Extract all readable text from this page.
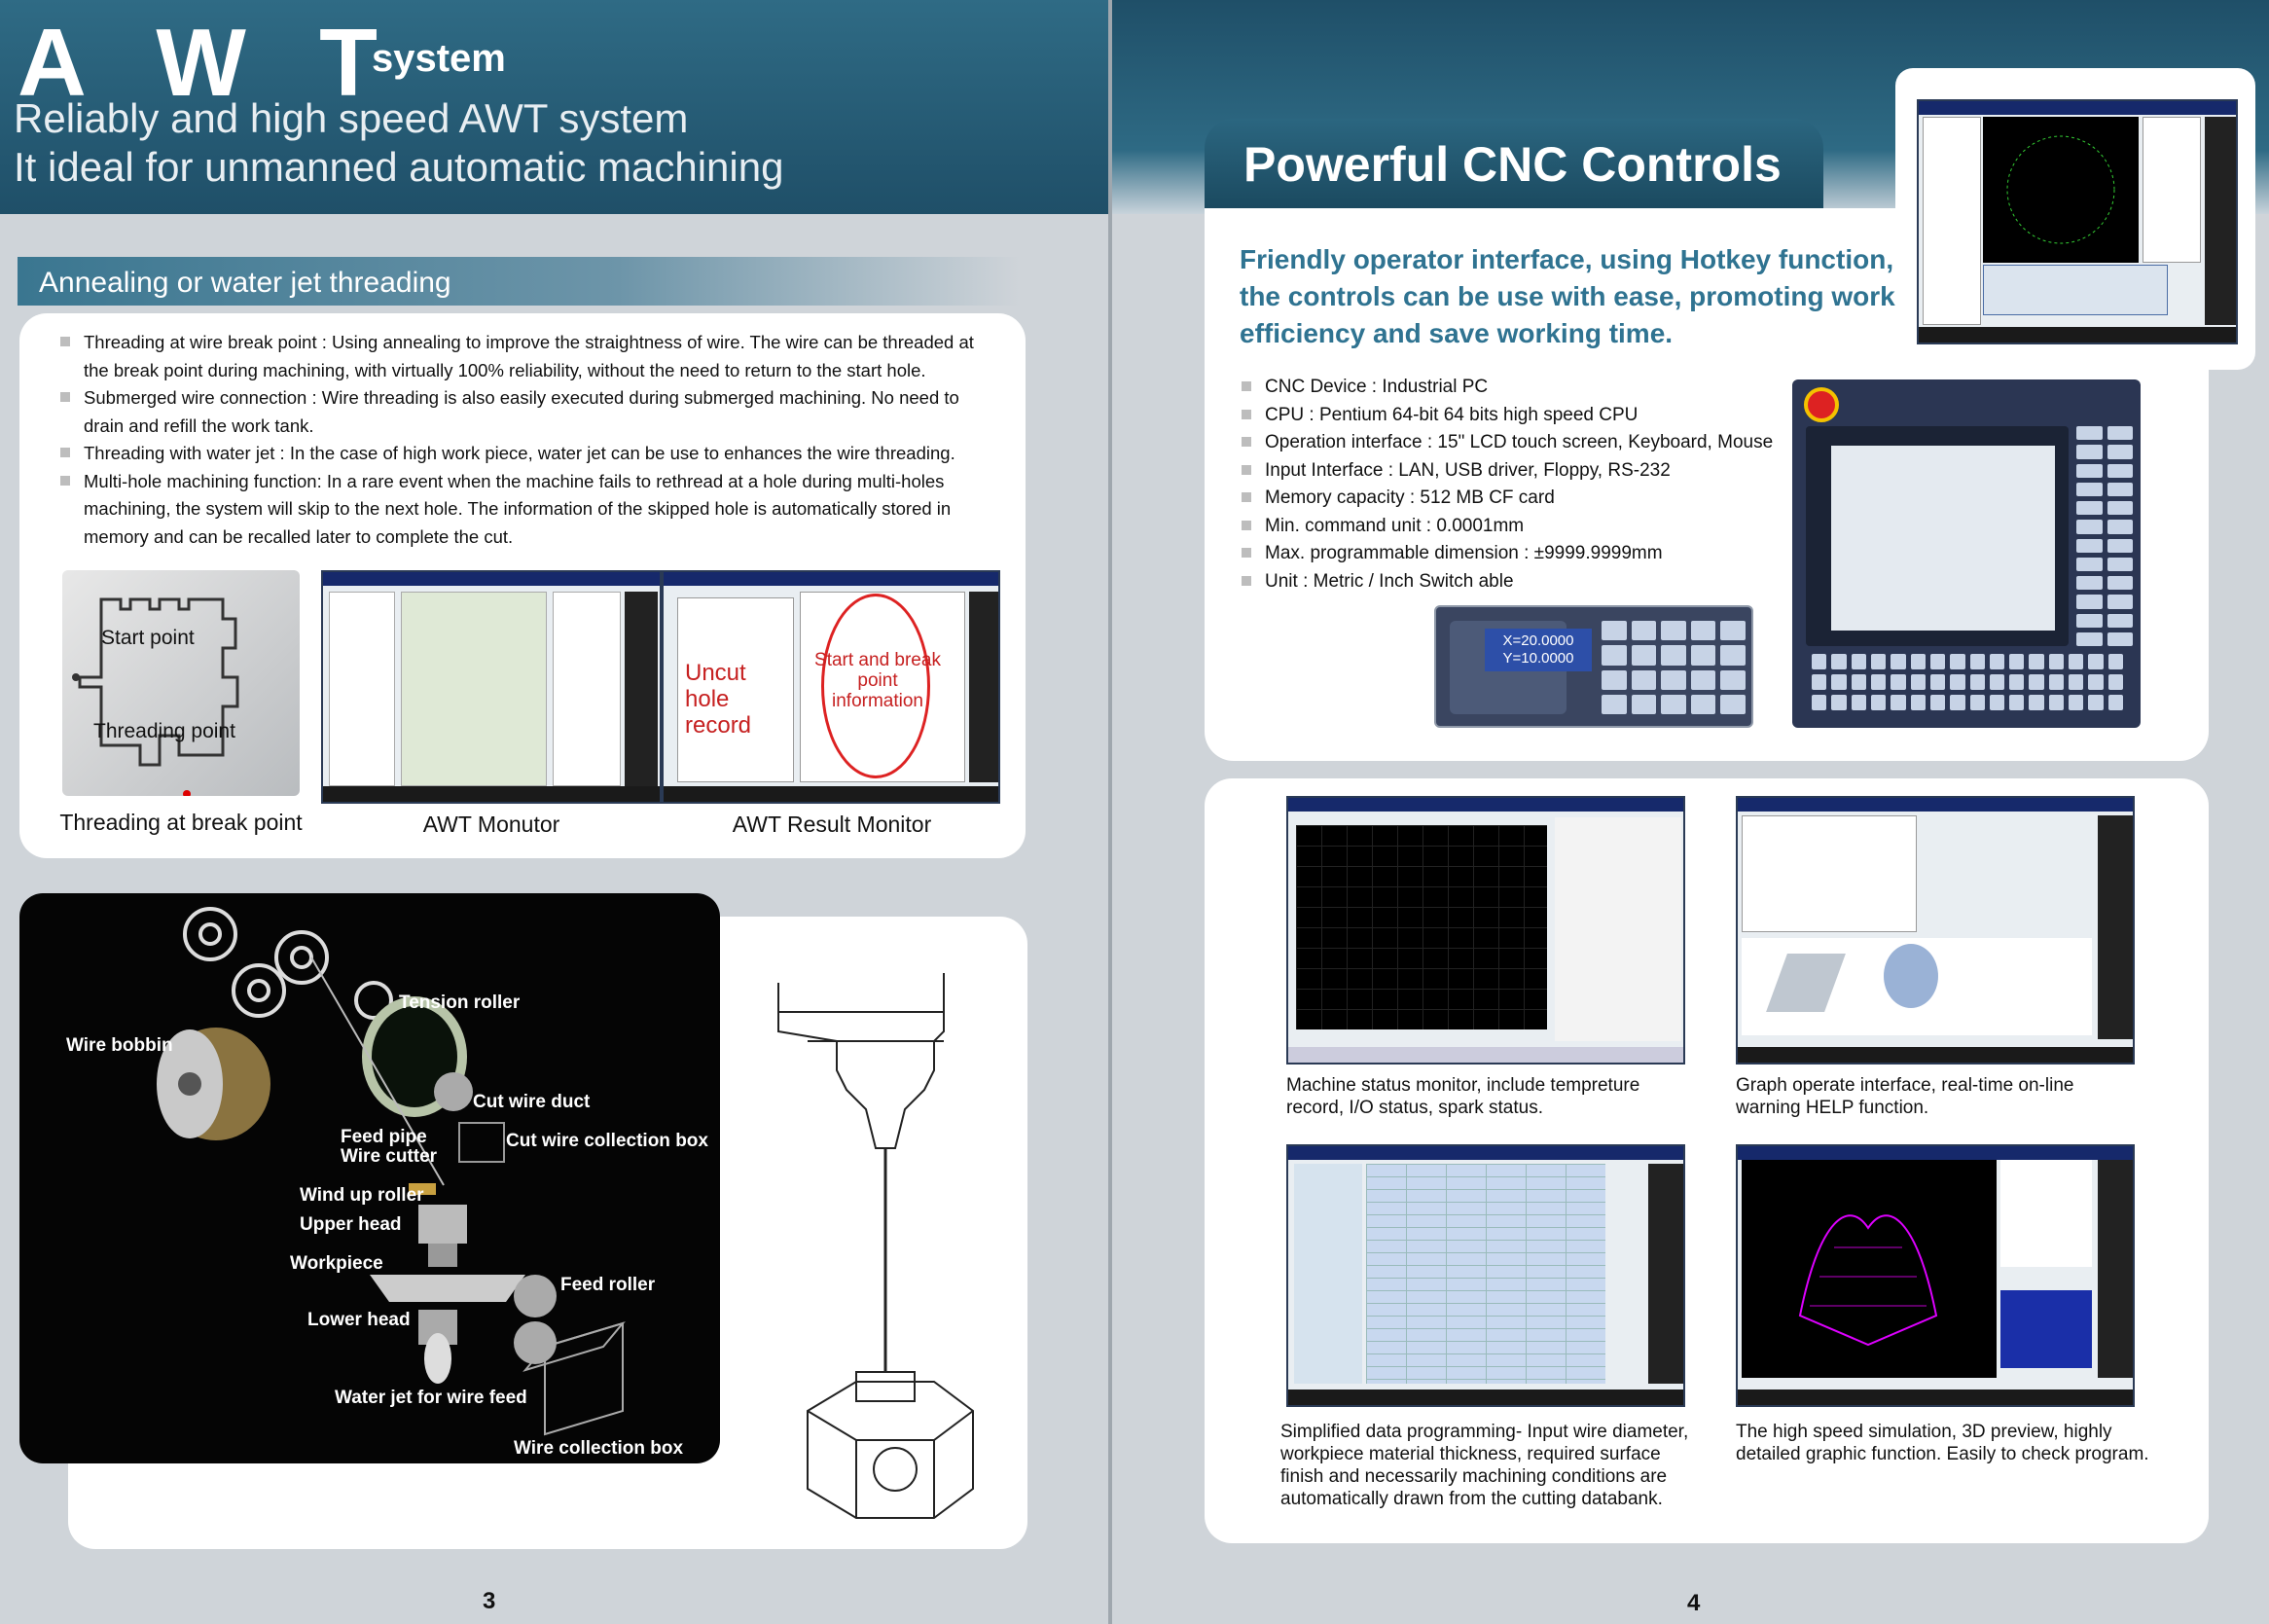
A W T
system
Reliably and high speed AWT system
It ideal for unmanned automatic machining
Annealing or water jet threading
Threading at wire break point : Using annealing to improve the straightness of wire. The wire can be threaded at the break point during machining, with virtually 100% reliability, without the need to return to the start hole.
Submerged wire connection : Wire threading is also easily executed during submerged machining. No need to drain and refill the work tank.
Threading with water jet : In the case of high work piece, water jet can be use to enhances the wire threading.
Multi-hole machining function: In a rare event when the machine fails to rethread at a hole during multi-holes machining, the system will skip to the next hole. The information of the skipped hole is automatically stored in memory and can be recalled later to complete the cut.
Start point
Threading point
Threading at break point	AWT Monutor
Uncut hole record
Start and break point information
AWT Result Monitor
Tension roller
Wire bobbin
Cut wire duct
Feed pipe
Wire cutter
Cut wire collection box
Wind up roller
Upper head
Workpiece
Feed roller
Lower head
Water jet for wire feed
Wire collection box
3
Powerful CNC Controls
Friendly operator interface, using Hotkey function, the controls can be use with ease, promoting work efficiency and save working time.
CNC Device : Industrial PC
CPU : Pentium 64-bit 64 bits high speed CPU
Operation interface : 15" LCD touch screen, Keyboard, Mouse
Input Interface : LAN, USB driver, Floppy, RS-232
Memory capacity : 512 MB CF card
Min. command unit : 0.0001mm
Max. programmable dimension : ±9999.9999mm
Unit : Metric / Inch Switch able
X=20.0000
Y=10.0000
Machine status monitor, include tempreture record, I/O status, spark status.
Graph operate interface, real-time on-line warning HELP function.
Simplified data programming- Input wire diameter, workpiece material thickness, required surface finish and necessarily machining conditions are automatically drawn from the cutting databank.
The high speed simulation, 3D preview, highly detailed graphic function. Easily to check program.
4
